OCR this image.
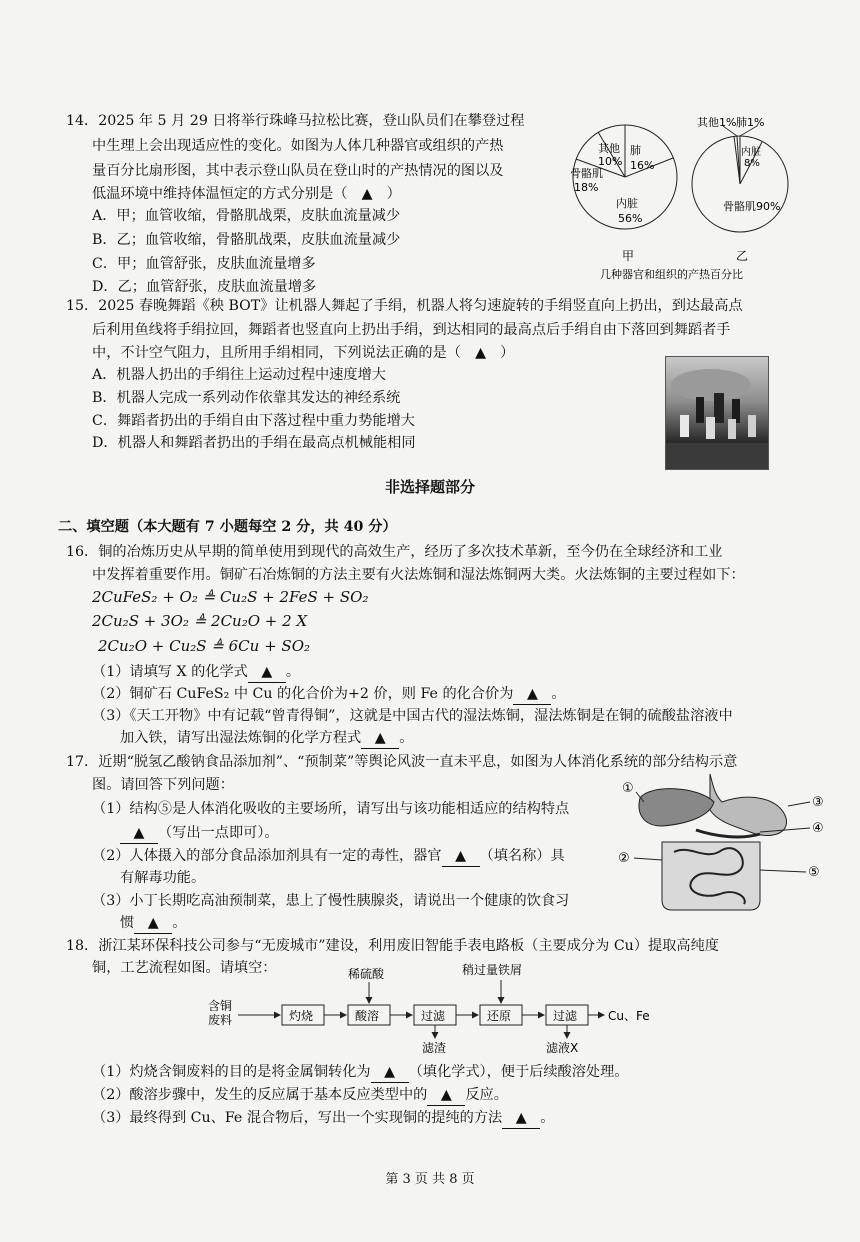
14．2025 年 5 月 29 日将举行珠峰马拉松比赛，登山队员们在攀登过程
中生理上会出现适应性的变化。如图为人体几种器官或组织的产热
量百分比扇形图，其中表示登山队员在登山时的产热情况的图以及
低温环境中维持体温恒定的方式分别是（　▲　）
A．甲；血管收缩，骨骼肌战栗，皮肤血流量减少
B．乙；血管收缩，骨骼肌战栗，皮肤血流量减少
C．甲；血管舒张，皮肤血流量增多
D．乙；血管舒张，皮肤血流量增多
其他
10%
肺
16%
骨骼肌
18%
内脏
56%
甲
其他1% 肺1%
内脏
8%
骨骼肌90%
乙
几种器官和组织的产热百分比
15．2025 春晚舞蹈《秧 BOT》让机器人舞起了手绢，机器人将匀速旋转的手绢竖直向上扔出，到达最高点
后利用鱼线将手绢拉回，舞蹈者也竖直向上扔出手绢，到达相同的最高点后手绢自由下落回到舞蹈者手
中，不计空气阻力，且所用手绢相同，下列说法正确的是（　▲　）
A．机器人扔出的手绢往上运动过程中速度增大
B．机器人完成一系列动作依靠其发达的神经系统
C．舞蹈者扔出的手绢自由下落过程中重力势能增大
D．机器人和舞蹈者扔出的手绢在最高点机械能相同
非选择题部分
二、填空题（本大题有 7 小题每空 2 分，共 40 分）
16．铜的冶炼历史从早期的简单使用到现代的高效生产，经历了多次技术革新，至今仍在全球经济和工业
中发挥着重要作用。铜矿石冶炼铜的方法主要有火法炼铜和湿法炼铜两大类。火法炼铜的主要过程如下：
2CuFeS₂ + O₂ ≜ Cu₂S + 2FeS + SO₂
2Cu₂S + 3O₂ ≜ 2Cu₂O + 2 X
2Cu₂O + Cu₂S ≜ 6Cu + SO₂
（1）请填写 X 的化学式 ▲ 。
（2）铜矿石 CuFeS₂ 中 Cu 的化合价为+2 价，则 Fe 的化合价为 ▲ 。
（3）《天工开物》中有记载“曾青得铜”，这就是中国古代的湿法炼铜，湿法炼铜是在铜的硫酸盐溶液中
加入铁，请写出湿法炼铜的化学方程式 ▲ 。
17．近期“脱氢乙酸钠食品添加剂”、“预制菜”等舆论风波一直未平息，如图为人体消化系统的部分结构示意
图。请回答下列问题：
（1）结构⑤是人体消化吸收的主要场所，请写出与该功能相适应的结构特点
▲ （写出一点即可）。
（2）人体摄入的部分食品添加剂具有一定的毒性，器官 ▲ （填名称）具
有解毒功能。
（3）小丁长期吃高油预制菜，患上了慢性胰腺炎，请说出一个健康的饮食习
惯 ▲ 。
①
③
④
②
⑤
18．浙江某环保科技公司参与“无废城市”建设，利用废旧智能手表电路板（主要成分为 Cu）提取高纯度
铜，工艺流程如图。请填空：
含铜
废料	灼烧	酸溶
稀硫酸
过滤
滤渣
还原
稍过量铁屑
过滤
滤液X
Cu、Fe
（1）灼烧含铜废料的目的是将金属铜转化为 ▲ （填化学式），便于后续酸溶处理。
（2）酸溶步骤中，发生的反应属于基本反应类型中的 ▲ 反应。
（3）最终得到 Cu、Fe 混合物后，写出一个实现铜的提纯的方法 ▲ 。
第 3 页 共 8 页
